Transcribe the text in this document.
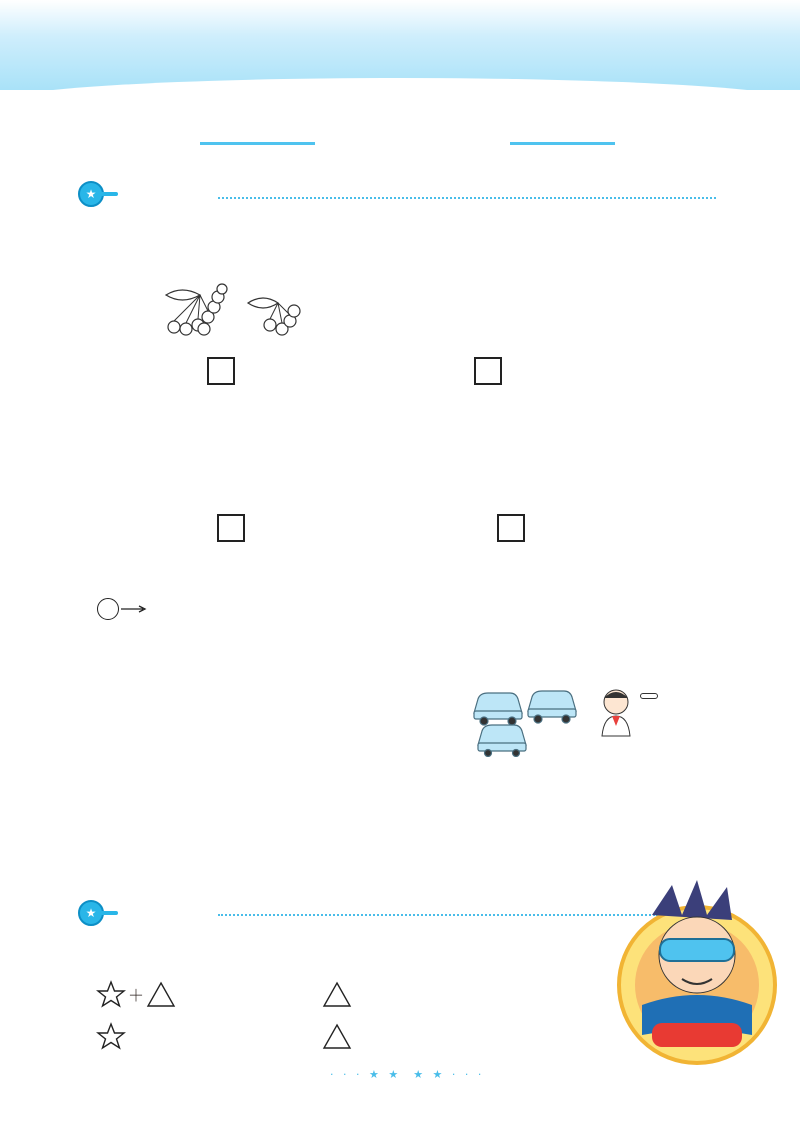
★

★

＋
· · · ★ ★ ★ ★ · · ·
